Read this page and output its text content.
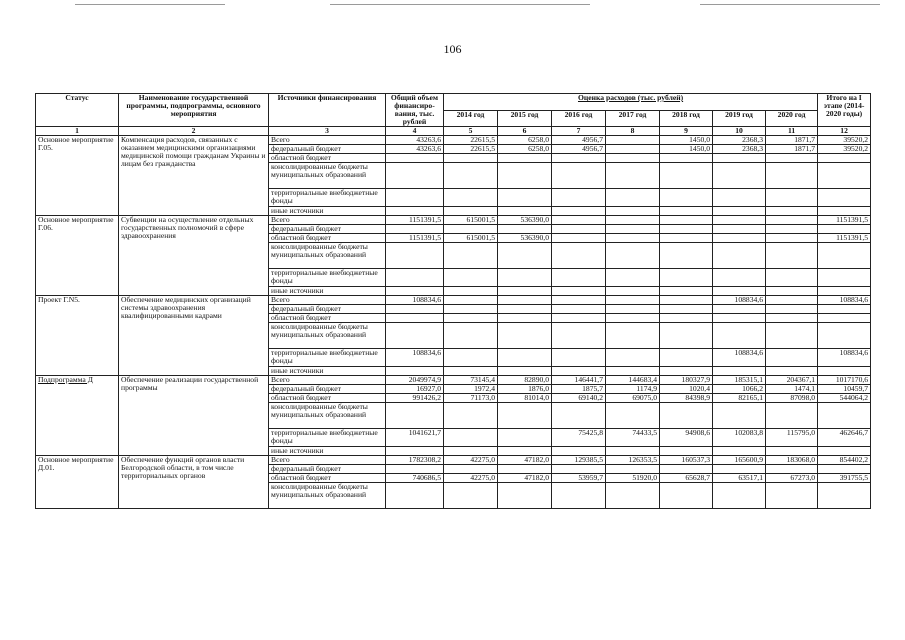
106
Статус	Наименование государственной программы, подпрограммы, основного мероприятия	Источники финансирования	Общий объем финансиро-вания, тыс. рублей	Оценка расходов (тыс. рублей)							Итого на I этапе (2014-2020 годы)
				2014 год	2015 год	2016 год	2017 год	2018 год	2019 год	2020 год	
1	2	3	4	5	6	7	8	9	10	11	12
Основное мероприятие Г.05.	Компенсация расходов, связанных с оказанием медицинскими организациями медицинской помощи гражданам Украины и лицам без гражданства	Всего	43263,6	22615,5	6258,0	4956,7		1450,0	2368,3	1871,7	39520,2
		федеральный бюджет	43263,6	22615,5	6258,0	4956,7		1450,0	2368,3	1871,7	39520,2
		областной бюджет									
		консолидированные бюджеты муниципальных образований									
		территориальные внебюджетные фонды									
		иные источники									
Основное мероприятие Г.06.	Субвенции на осуществление отдельных государственных полномочий в сфере здравоохранения	Всего	1151391,5	615001,5	536390,0						1151391,5
		федеральный бюджет									
		областной бюджет	1151391,5	615001,5	536390,0						1151391,5
		консолидированные бюджеты муниципальных образований									
		территориальные внебюджетные фонды									
		иные источники									
Проект Г.N5.	Обеспечение медицинских организаций системы здравоохранения квалифицированными кадрами	Всего	108834,6						108834,6		108834,6
		федеральный бюджет									
		областной бюджет									
		консолидированные бюджеты муниципальных образований									
		территориальные внебюджетные фонды	108834,6						108834,6		108834,6
		иные источники									
Подпрограмма Д	Обеспечение реализации государственной программы	Всего	2049974,9	73145,4	82890,0	146441,7	144683,4	180327,9	185315,1	204367,1	1017170,6
		федеральный бюджет	16927,0	1972,4	1876,0	1875,7	1174,9	1020,4	1066,2	1474,1	10459,7
		областной бюджет	991426,2	71173,0	81014,0	69140,2	69075,0	84398,9	82165,1	87098,0	544064,2
		консолидированные бюджеты муниципальных образований									
		территориальные внебюджетные фонды	1041621,7			75425,8	74433,5	94908,6	102083,8	115795,0	462646,7
		иные источники									
Основное мероприятие Д.01.	Обеспечение функций органов власти Белгородской области, в том числе территориальных органов	Всего	1782308,2	42275,0	47182,0	129385,5	126353,5	160537,3	165600,9	183068,0	854402,2
		федеральный бюджет									
		областной бюджет	740686,5	42275,0	47182,0	53959,7	51920,0	65628,7	63517,1	67273,0	391755,5
		консолидированные бюджеты муниципальных образований									
